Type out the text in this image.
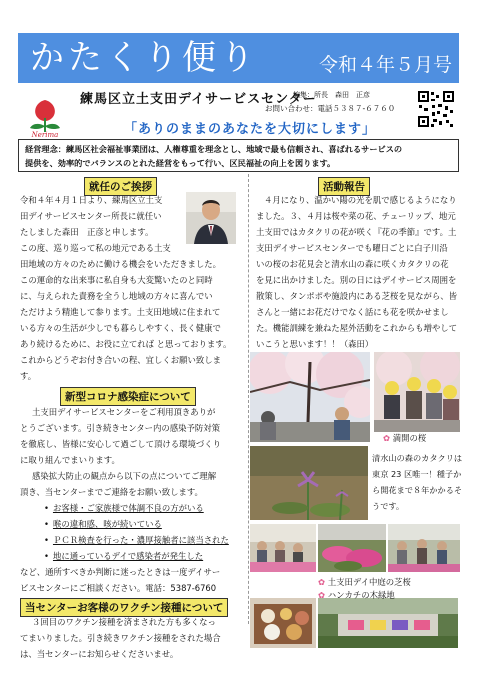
かたくり便り	令和４年５月号
Nerima
練馬区立土支田デイサービスセンター
編集：所長　森田　正彦
お問い合わせ：電話５３８７-６７６０
「ありのままのあなたを大切にします」
経営理念：練馬区社会福祉事業団は、人権尊重を理念とし、地域で最も信頼され、喜ばれるサービスの
提供を、効率的でバランスのとれた経営をもって行い、区民福祉の向上を図ります。
就任のご挨拶
令和４年４月１日より、練馬区立土支
田デイサービスセンター所長に就任い
たしました森田　正彦と申します。
この度、巡り巡って私の地元である土支
田地域の方々のために働ける機会をいただきました。
この運命的な出来事に私自身も大変驚いたのと同時
に、与えられた責務を全うし地域の方々に喜んでい
ただけよう精進して参ります。土支田地域に住まれて
いる方々の生活が少しでも暮らしやすく、長く健康で
あり続けるために、お役に立てれば と思っております。
これからどうぞお付き合いの程、宜しくお願い致しま
す。
新型コロナ感染症について
土支田デイサービスセンターをご利用頂きありが
とうございます。引き続きセンター内の感染予防対策
を徹底し、皆様に安心して過ごして頂ける環境づくり
に取り組んでまいります。
感染拡大防止の観点から以下の点についてご理解
頂き、当センターまでご連絡をお願い致します。
• お客様・ご家族様で体調不良の方がいる
• 喉の違和感、咳が続いている
• ＰＣＲ検査を行った・濃厚接触者に該当された
• 地に通っているデイで感染者が発生した
など、通所すべきか判断に迷ったときは一度デイサー
ビスセンターにご相談ください。電話：5387-6760
当センターお客様のワクチン接種について
３回目のワクチン接種を済まされた方も多くなっ
てまいりました。引き続きワクチン接種をされた場合
は、当センターにお知らせくださいませ。
活動報告
４月になり、温かい陽の光を肌で感じるようになり
ました。３、４月は桜や菜の花、チューリップ、地元
土支田ではカタクリの花が咲く『花の季節』です。土
支田デイサービスセンターでも曜日ごとに白子川沿
いの桜のお花見会と清水山の森に咲くカタクリの花
を見に出かけました。別の日にはデイサービス周囲を
散策し、タンポポや施設内にある芝桜を見ながら、皆
さんと一緒にお花だけでなく話にも花を咲かせまし
た。機能訓練を兼ねた屋外活動をこれからも増やして
いこうと思います！！（森田）
✿ 満開の桜
清水山の森のカタクリは
東京 23 区唯一！種子か
ら開花まで８年かかるそ
うです。
✿ 土支田デイ中庭の芝桜
✿ ハンカチの木緑地
